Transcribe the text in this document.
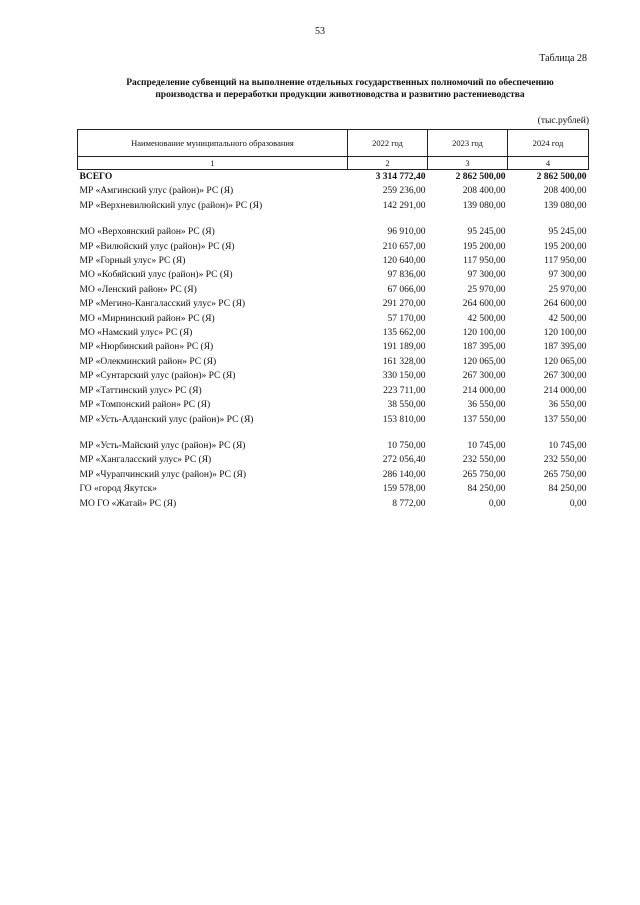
53
Таблица 28
Распределение субвенций на выполнение отдельных государственных полномочий по обеспечению
производства и переработки продукции животноводства и развитию растениеводства
(тыс.рублей)
Наименование муниципального образования	2022 год	2023 год	2024 год
1	2	3	4
ВСЕГО	3 314 772,40	2 862 500,00	2 862 500,00
МР «Амгинский улус (район)» РС (Я)	259 236,00	208 400,00	208 400,00
МР «Верхневилюйский улус (район)» РС (Я)	142 291,00	139 080,00	139 080,00

МО «Верхоянский район» РС (Я)	96 910,00	95 245,00	95 245,00
МР «Вилюйский улус (район)» РС (Я)	210 657,00	195 200,00	195 200,00
МР «Горный улус» РС (Я)	120 640,00	117 950,00	117 950,00
МО «Кобяйский улус (район)» РС (Я)	97 836,00	97 300,00	97 300,00
МО «Ленский район» РС (Я)	67 066,00	25 970,00	25 970,00
МР «Мегино-Кангаласский улус» РС (Я)	291 270,00	264 600,00	264 600,00
МО «Мирнинский район» РС (Я)	57 170,00	42 500,00	42 500,00
МО «Намский улус» РС (Я)	135 662,00	120 100,00	120 100,00
МР «Нюрбинский район» РС (Я)	191 189,00	187 395,00	187 395,00
МР «Олекминский район» РС (Я)	161 328,00	120 065,00	120 065,00
МР «Сунтарский улус (район)» РС (Я)	330 150,00	267 300,00	267 300,00
МР «Таттинский улус» РС (Я)	223 711,00	214 000,00	214 000,00
МР «Томпонский район» РС (Я)	38 550,00	36 550,00	36 550,00
МР «Усть-Алданский улус (район)» РС (Я)	153 810,00	137 550,00	137 550,00

МР «Усть-Майский улус (район)» РС (Я)	10 750,00	10 745,00	10 745,00
МР «Хангаласский улус» РС (Я)	272 056,40	232 550,00	232 550,00
МР «Чурапчинский улус (район)» РС (Я)	286 140,00	265 750,00	265 750,00
ГО «город Якутск»	159 578,00	84 250,00	84 250,00
МО ГО «Жатай» РС (Я)	8 772,00	0,00	0,00
